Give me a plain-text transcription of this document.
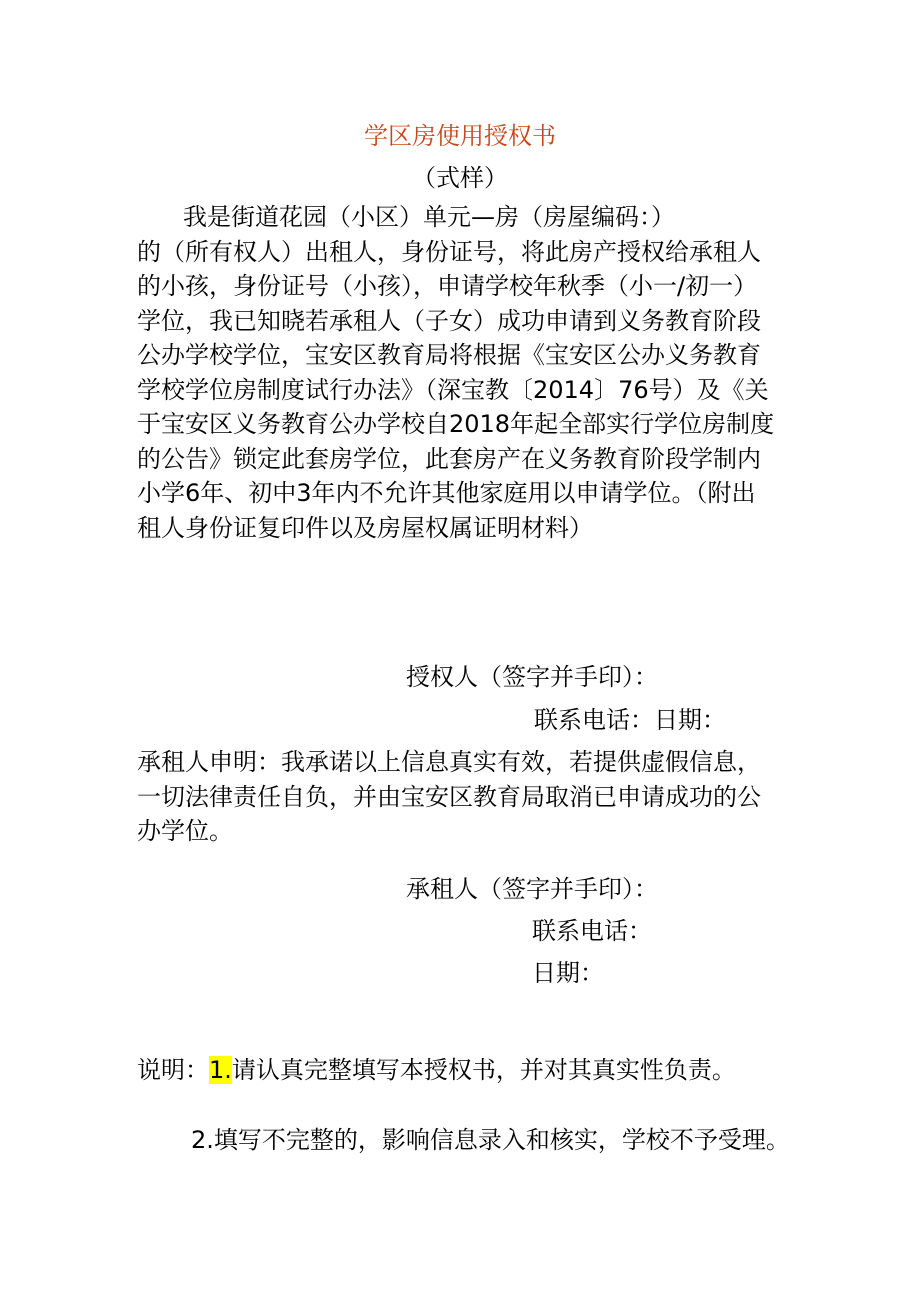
学区房使用授权书
（式样）
我是街道花园（小区）单元—房（房屋编码：）
的（所有权人）出租人，身份证号，将此房产授权给承租人
的小孩，身份证号（小孩），申请学校年秋季（小一/初一）
学位，我已知晓若承租人（子女）成功申请到义务教育阶段
公办学校学位，宝安区教育局将根据《宝安区公办义务教育
学校学位房制度试行办法》（深宝教〔2014〕76号）及《关
于宝安区义务教育公办学校自2018年起全部实行学位房制度
的公告》锁定此套房学位，此套房产在义务教育阶段学制内
小学6年、初中3年内不允许其他家庭用以申请学位。（附出
租人身份证复印件以及房屋权属证明材料）
授权人（签字并手印）：
联系电话：日期：
承租人申明：我承诺以上信息真实有效，若提供虚假信息，
一切法律责任自负，并由宝安区教育局取消已申请成功的公
办学位。
承租人（签字并手印）：
联系电话：
日期：
说明：1.请认真完整填写本授权书，并对其真实性负责。
2.填写不完整的，影响信息录入和核实，学校不予受理。
